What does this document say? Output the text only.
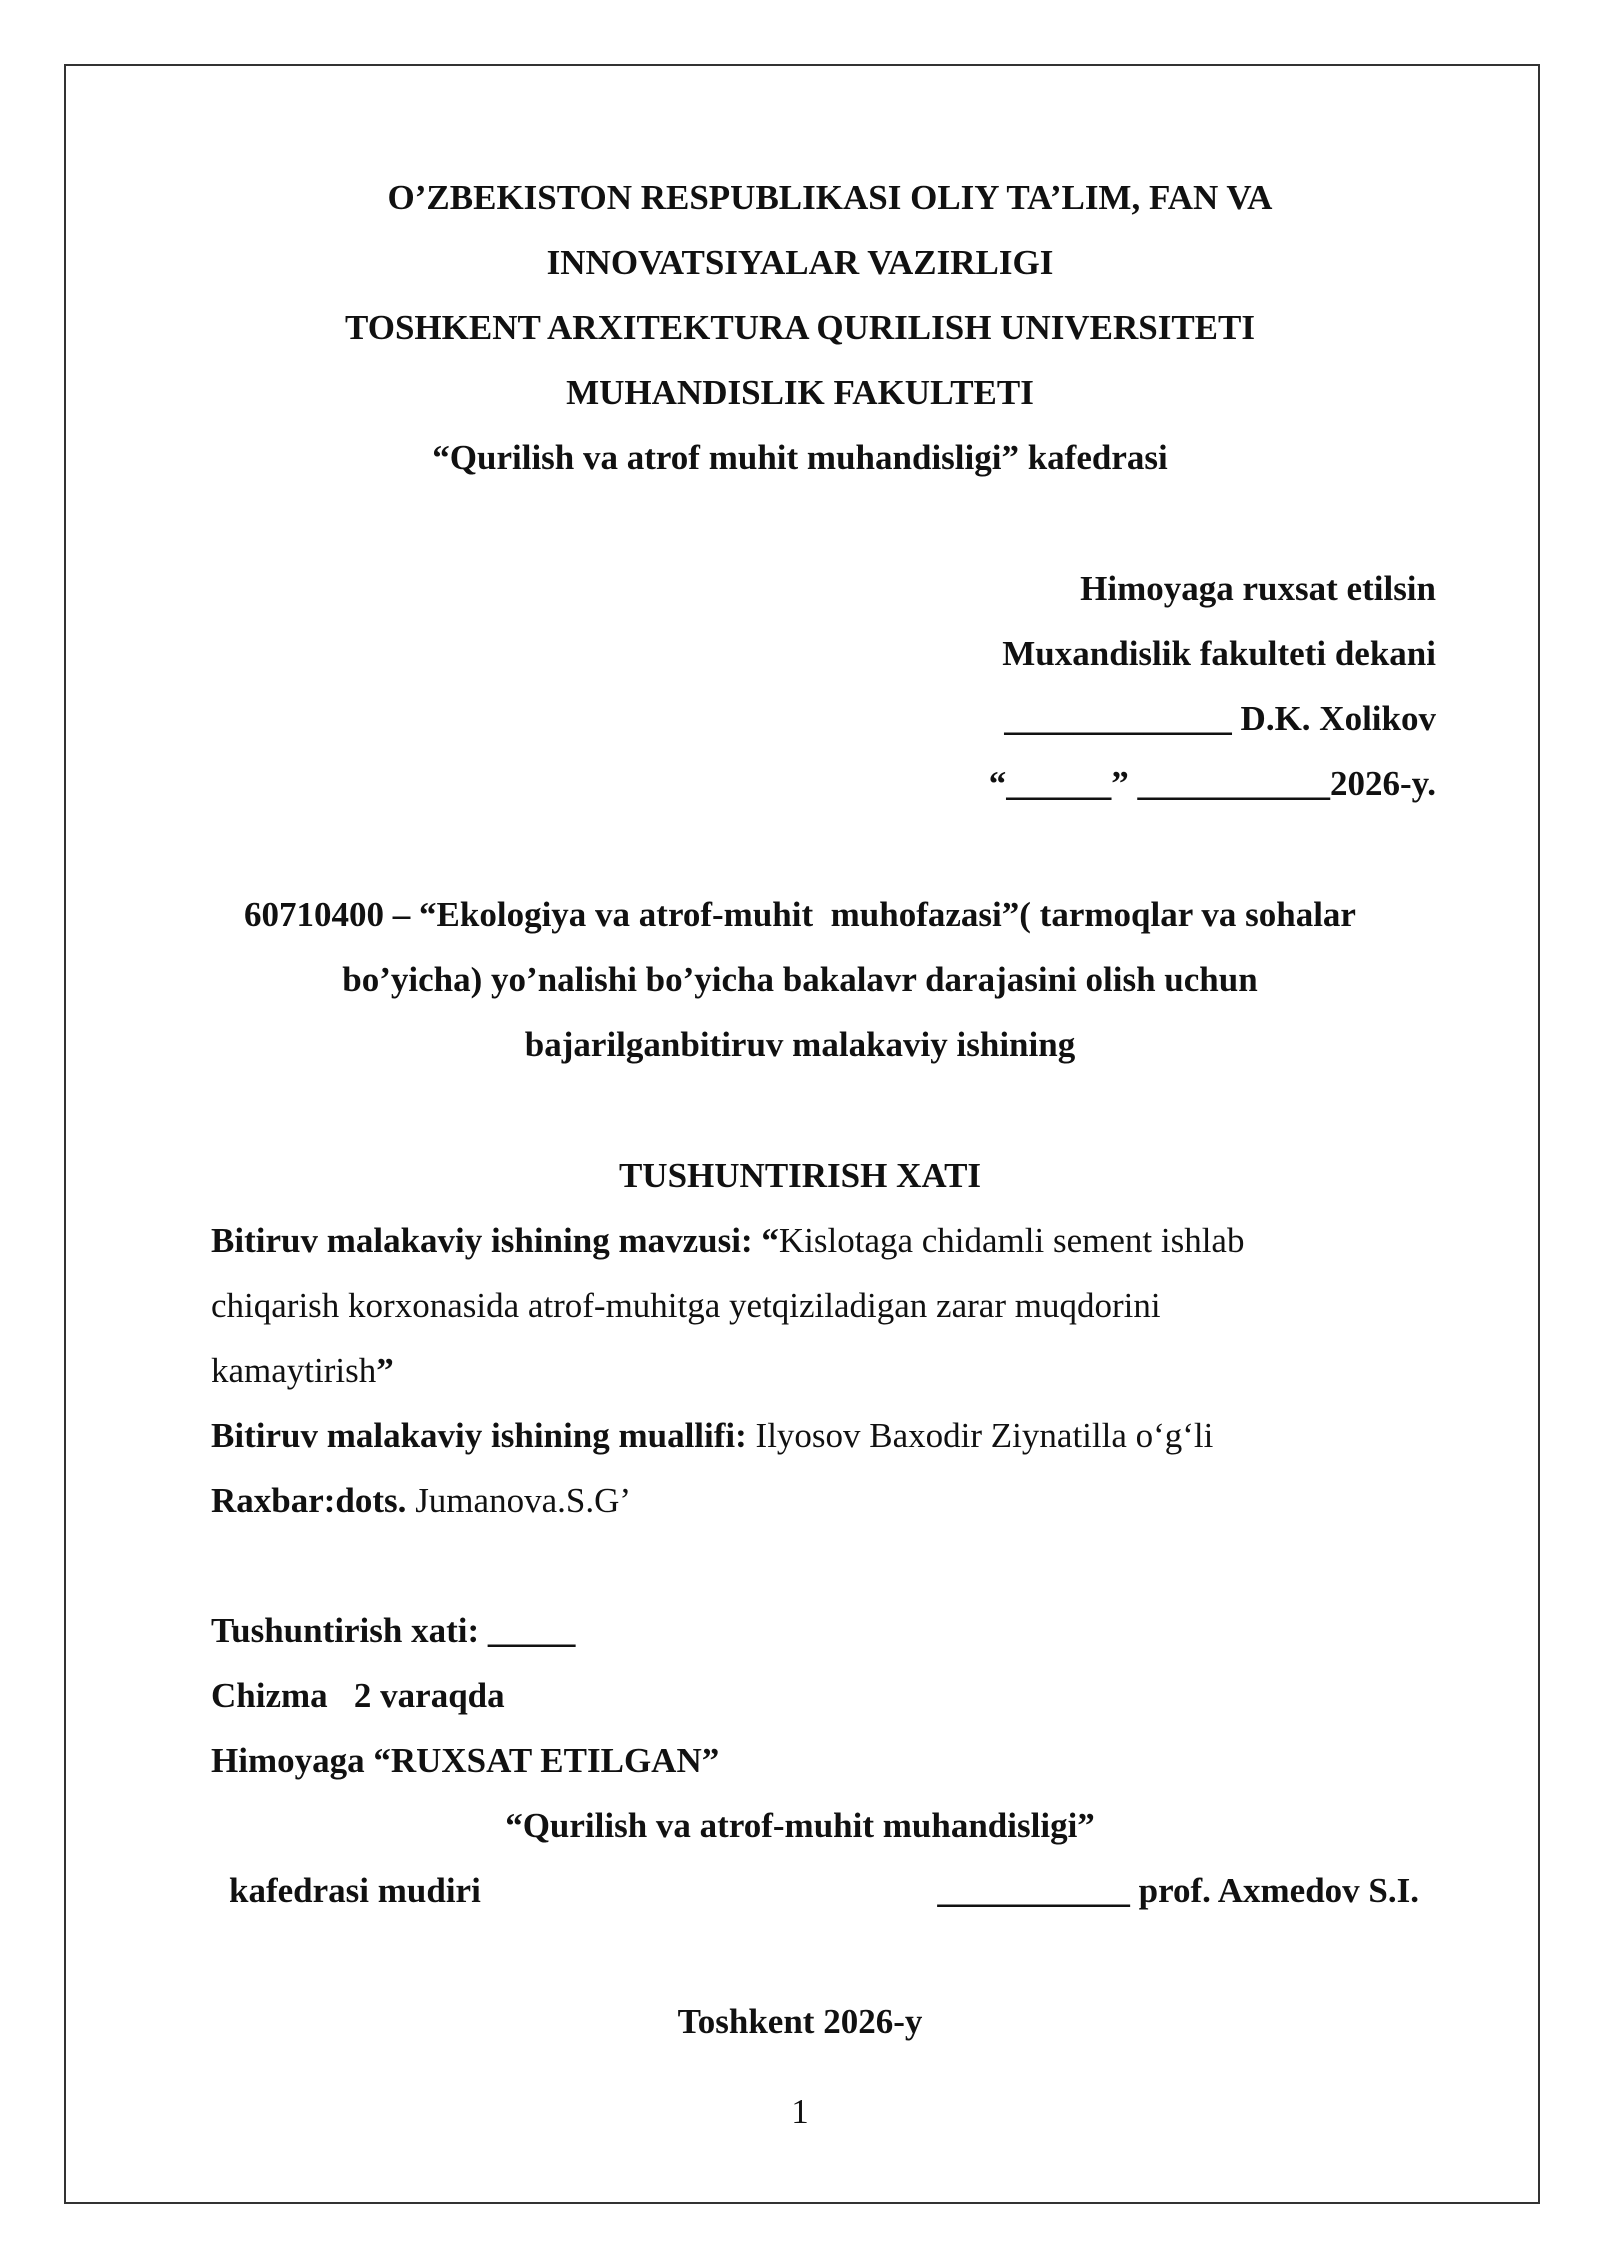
O’ZBEKISTON RESPUBLIKASI OLIY TA’LIM, FAN VA
INNOVATSIYALAR VAZIRLIGI
TOSHKENT ARXITEKTURA QURILISH UNIVERSITETI
MUHANDISLIK FAKULTETI
“Qurilish va atrof muhit muhandisligi” kafedrasi
Himoyaga ruxsat etilsin
Muxandislik fakulteti dekani
_____________ D.K. Xolikov
“______” ___________2026-y.
60710400 – “Ekologiya va atrof-muhit  muhofazasi”( tarmoqlar va sohalar
bo’yicha) yo’nalishi bo’yicha bakalavr darajasini olish uchun
bajarilganbitiruv malakaviy ishining
TUSHUNTIRISH XATI
Bitiruv malakaviy ishining mavzusi: “Kislotaga chidamli sement ishlab
chiqarish korxonasida atrof-muhitga yetqiziladigan zarar muqdorini
kamaytirish”
Bitiruv malakaviy ishining muallifi: Ilyosov Baxodir Ziynatilla o‘g‘li
Raxbar:dots. Jumanova.S.G’
Tushuntirish xati: _____
Chizma   2 varaqda
Himoyaga “RUXSAT ETILGAN”
“Qurilish va atrof-muhit muhandisligi”
kafedrasi mudiri	___________ prof. Axmedov S.I.
Toshkent 2026-y
1
